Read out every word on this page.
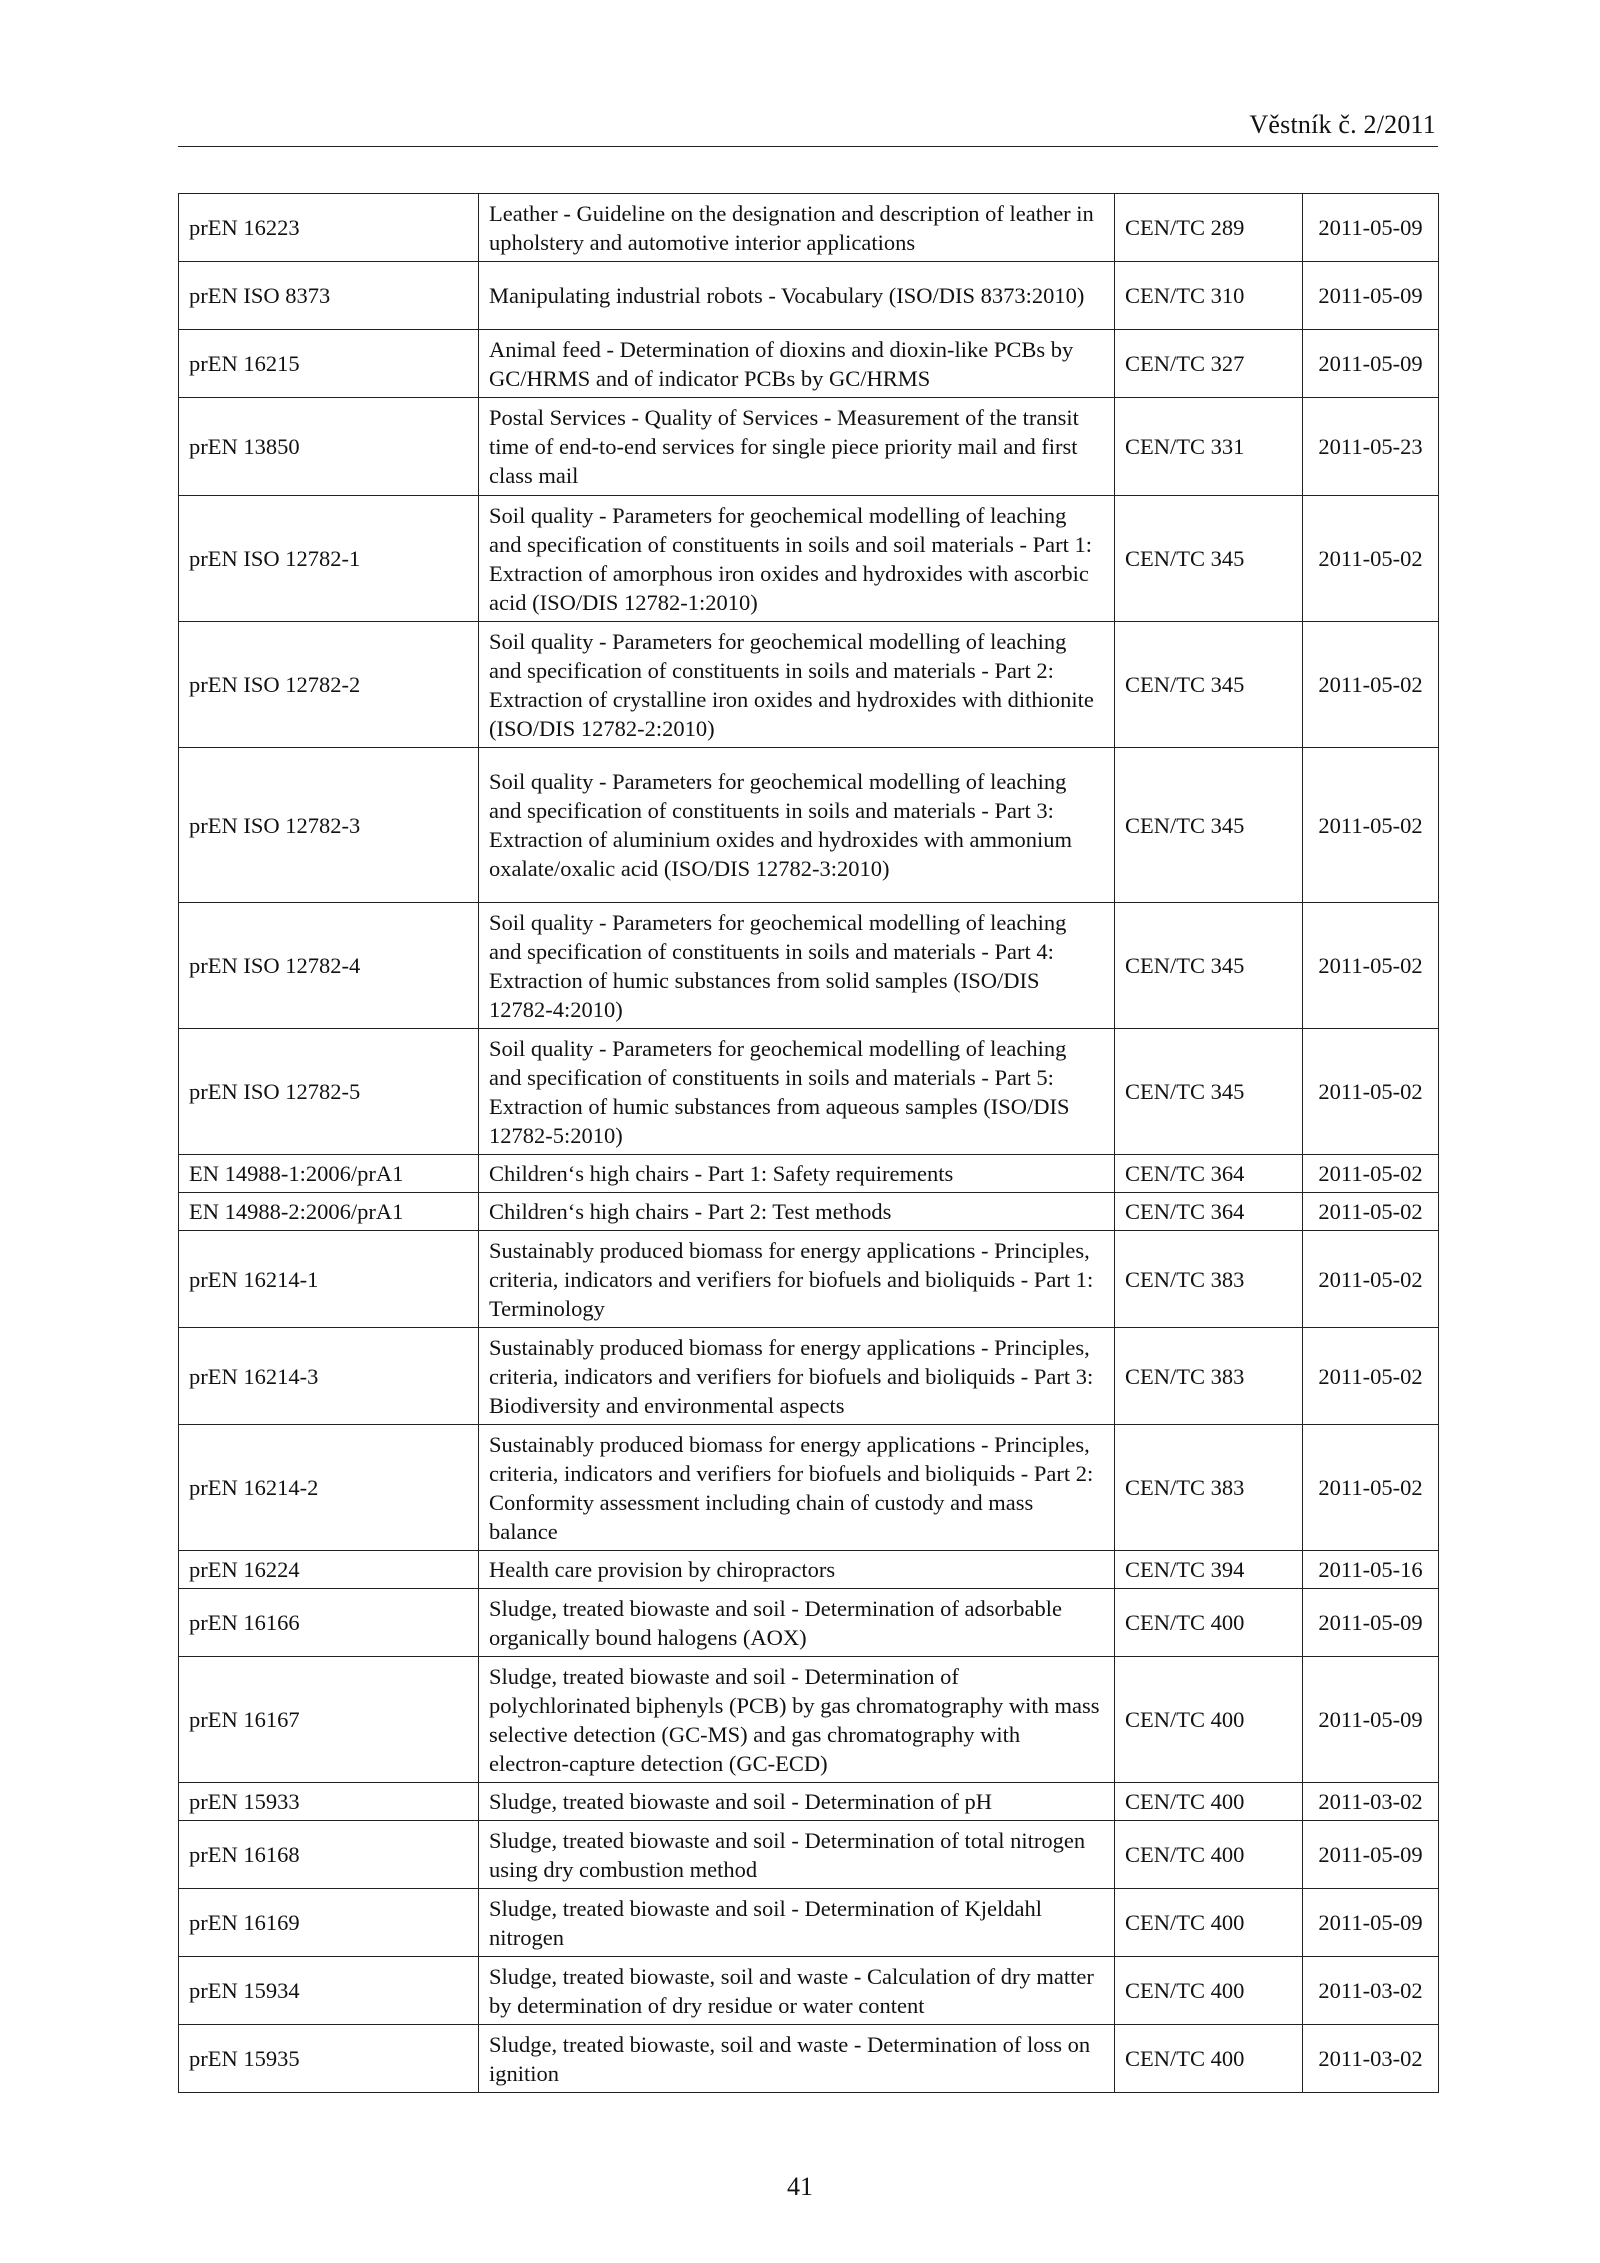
Věstník č. 2/2011
prEN 16223	Leather - Guideline on the designation and description of leather in upholstery and automotive interior applications	CEN/TC 289	2011-05-09
prEN ISO 8373	Manipulating industrial robots - Vocabulary (ISO/DIS 8373:2010)	CEN/TC 310	2011-05-09
prEN 16215	Animal feed - Determination of dioxins and dioxin-like PCBs by GC/HRMS and of indicator PCBs by GC/HRMS	CEN/TC 327	2011-05-09
prEN 13850	Postal Services - Quality of Services - Measurement of the transit time of end-to-end services for single piece priority mail and first class mail	CEN/TC 331	2011-05-23
prEN ISO 12782-1	Soil quality - Parameters for geochemical modelling of leaching and specification of constituents in soils and soil materials - Part 1: Extraction of amorphous iron oxides and hydroxides with ascorbic acid (ISO/DIS 12782-1:2010)	CEN/TC 345	2011-05-02
prEN ISO 12782-2	Soil quality - Parameters for geochemical modelling of leaching and specification of constituents in soils and materials - Part 2: Extraction of crystalline iron oxides and hydroxides with dithionite (ISO/DIS 12782-2:2010)	CEN/TC 345	2011-05-02
prEN ISO 12782-3	Soil quality - Parameters for geochemical modelling of leaching and specification of constituents in soils and materials - Part 3: Extraction of aluminium oxides and hydroxides with ammonium oxalate/oxalic acid (ISO/DIS 12782-3:2010)	CEN/TC 345	2011-05-02
prEN ISO 12782-4	Soil quality - Parameters for geochemical modelling of leaching and specification of constituents in soils and materials - Part 4: Extraction of humic substances from solid samples (ISO/DIS 12782-4:2010)	CEN/TC 345	2011-05-02
prEN ISO 12782-5	Soil quality - Parameters for geochemical modelling of leaching and specification of constituents in soils and materials - Part 5: Extraction of humic substances from aqueous samples (ISO/DIS 12782-5:2010)	CEN/TC 345	2011-05-02
EN 14988-1:2006/prA1	Children‘s high chairs - Part 1: Safety requirements	CEN/TC 364	2011-05-02
EN 14988-2:2006/prA1	Children‘s high chairs - Part 2: Test methods	CEN/TC 364	2011-05-02
prEN 16214-1	Sustainably produced biomass for energy applications - Principles, criteria, indicators and verifiers for biofuels and bioliquids - Part 1: Terminology	CEN/TC 383	2011-05-02
prEN 16214-3	Sustainably produced biomass for energy applications - Principles, criteria, indicators and verifiers for biofuels and bioliquids - Part 3: Biodiversity and environmental aspects	CEN/TC 383	2011-05-02
prEN 16214-2	Sustainably produced biomass for energy applications - Principles, criteria, indicators and verifiers for biofuels and bioliquids - Part 2: Conformity assessment including chain of custody and mass balance	CEN/TC 383	2011-05-02
prEN 16224	Health care provision by chiropractors	CEN/TC 394	2011-05-16
prEN 16166	Sludge, treated biowaste and soil - Determination of adsorbable organically bound halogens (AOX)	CEN/TC 400	2011-05-09
prEN 16167	Sludge, treated biowaste and soil - Determination of polychlorinated biphenyls (PCB) by gas chromatography with mass selective detection (GC-MS) and gas chromatography with electron-capture detection (GC-ECD)	CEN/TC 400	2011-05-09
prEN 15933	Sludge, treated biowaste and soil - Determination of pH	CEN/TC 400	2011-03-02
prEN 16168	Sludge, treated biowaste and soil - Determination of total nitrogen using dry combustion method	CEN/TC 400	2011-05-09
prEN 16169	Sludge, treated biowaste and soil - Determination of Kjeldahl nitrogen	CEN/TC 400	2011-05-09
prEN 15934	Sludge, treated biowaste, soil and waste - Calculation of dry matter by determination of dry residue or water content	CEN/TC 400	2011-03-02
prEN 15935	Sludge, treated biowaste, soil and waste - Determination of loss on ignition	CEN/TC 400	2011-03-02
41
